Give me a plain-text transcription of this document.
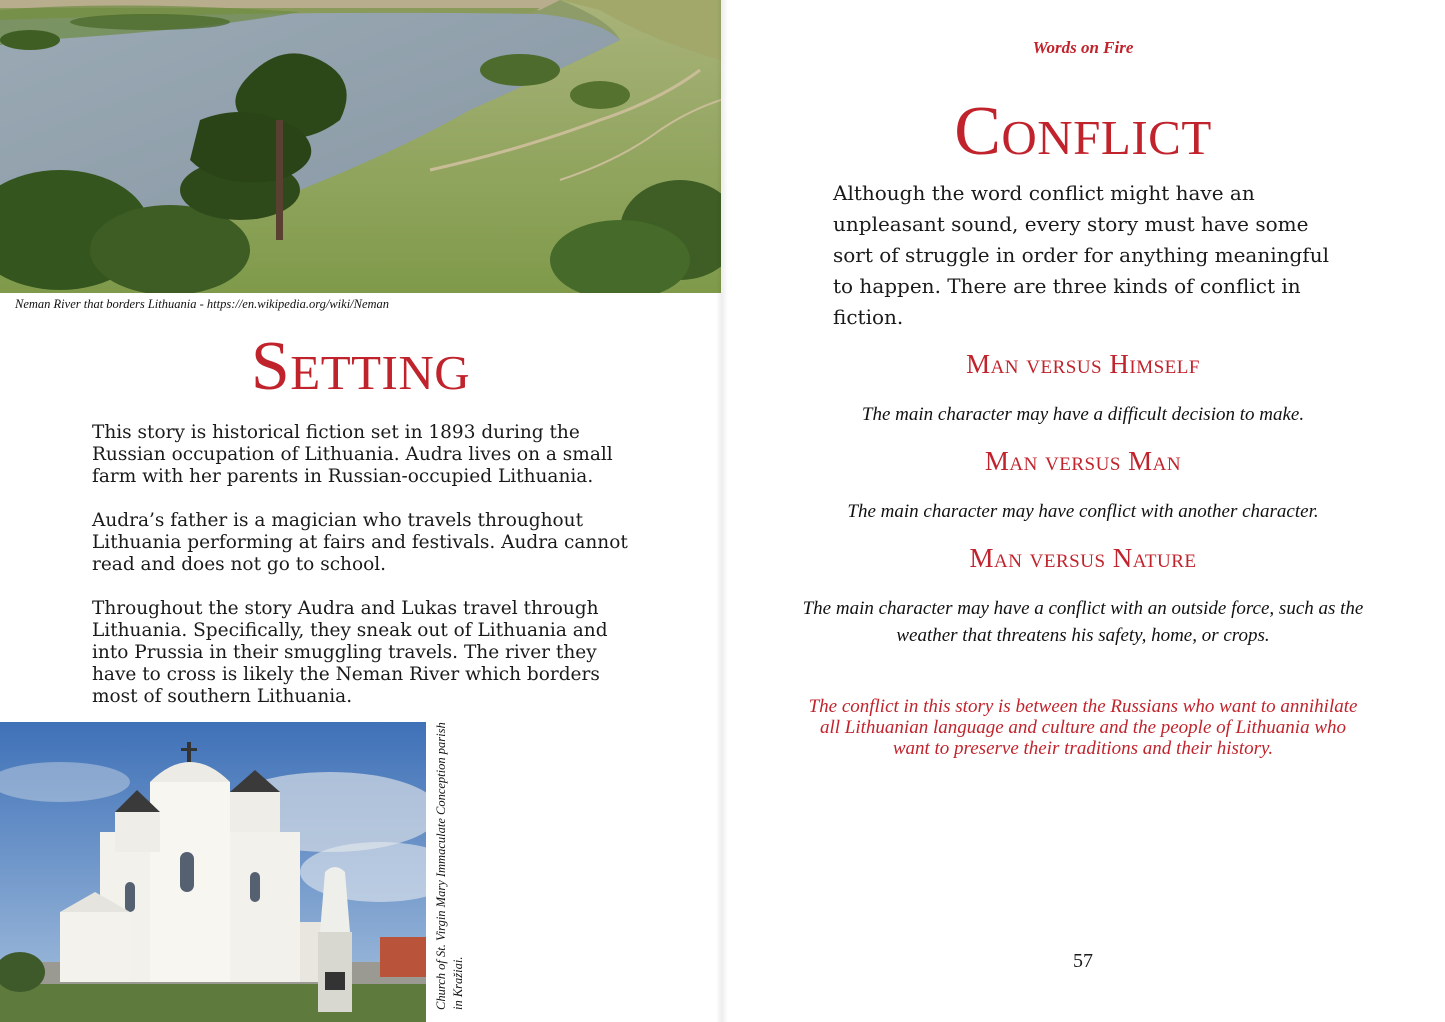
Neman River that borders Lithuania - https://en.wikipedia.org/wiki/Neman
Setting

This story is historical fiction set in 1893 during the Russian occupation of Lithuania. Audra lives on a small farm with her parents in Russian-occupied Lithuania.

Audra’s father is a magician who travels throughout Lithuania performing at fairs and festivals. Audra cannot read and does not go to school.

Throughout the story Audra and Lukas travel through Lithuania. Specifically, they sneak out of Lithuania and into Prussia in their smuggling travels. The river they have to cross is likely the Neman River which borders most of southern Lithuania.

Church of St. Virgin Mary Immaculate Conception parish in Kražiai.
Words on Fire
Conflict

Although the word conflict might have an unpleasant sound, every story must have some sort of struggle in order for anything meaningful to happen. There are three kinds of conflict in fiction.

Man versus Himself

The main character may have a difficult decision to make.

Man versus Man

The main character may have conflict with another character.

Man versus Nature

The main character may have a conflict with an outside force, such as the weather that threatens his safety, home, or crops.

The conflict in this story is between the Russians who want to annihilate all Lithuanian language and culture and the people of Lithuania who want to preserve their traditions and their history.

57
